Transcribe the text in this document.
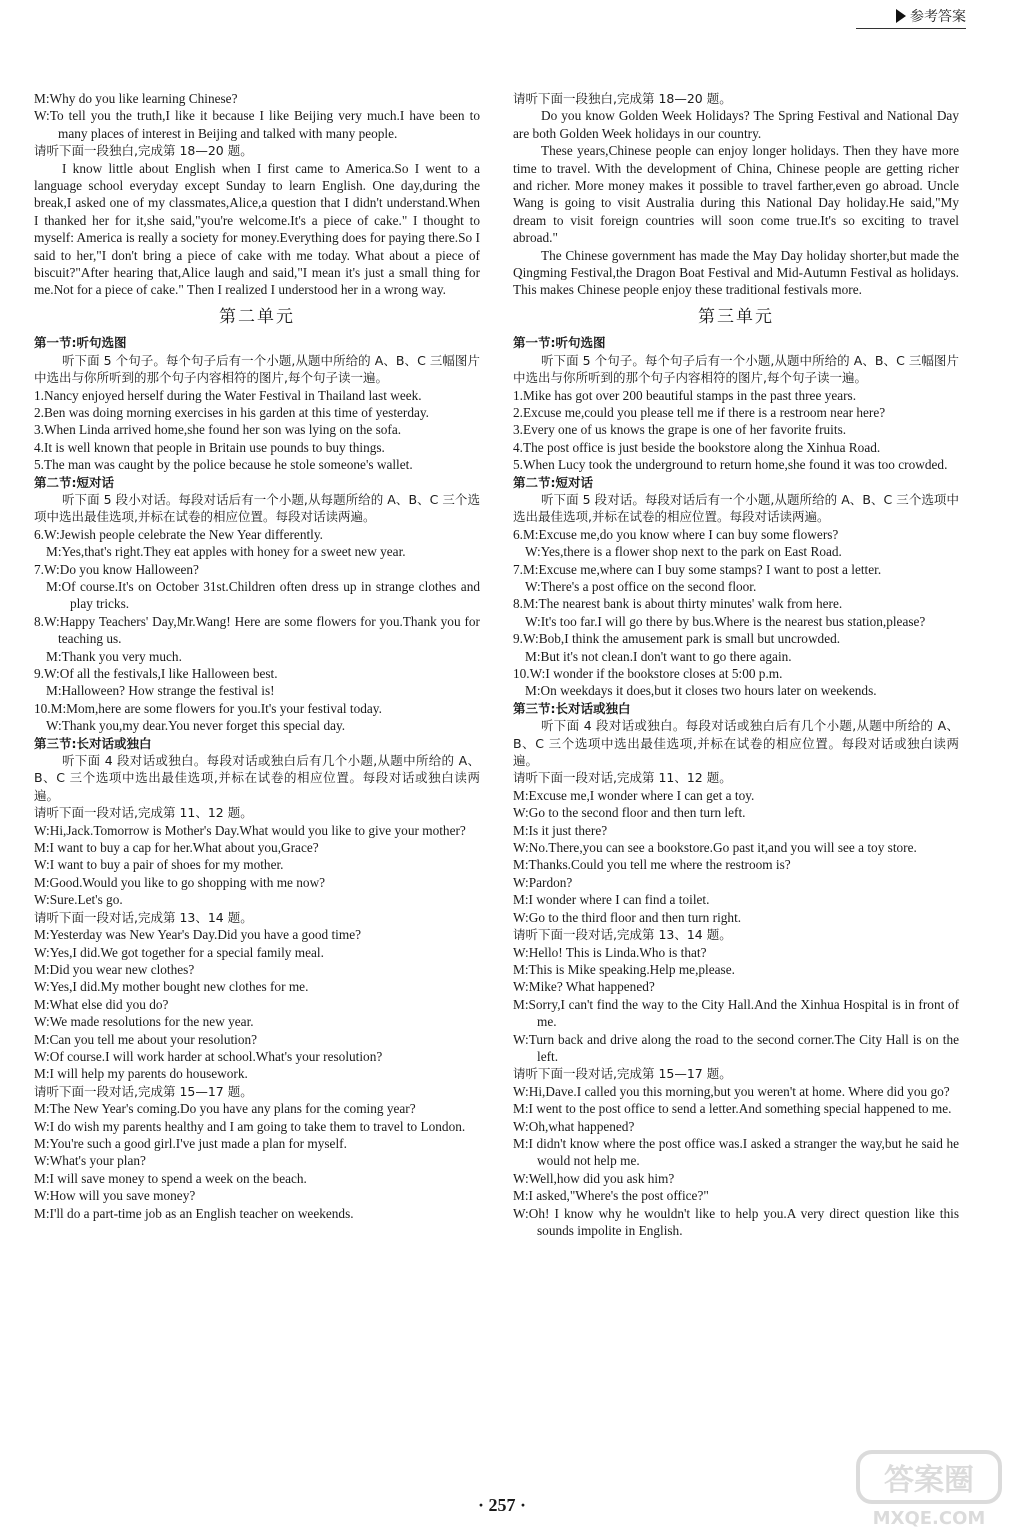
参考答案

M:Why do you like learning Chinese?

W:To tell you the truth,I like it because I like Beijing very much.I have been to many places of interest in Beijing and talked with many people.

请听下面一段独白,完成第 18—20 题。

I know little about English when I first came to America.So I went to a language school everyday except Sunday to learn English. One day,during the break,I asked one of my classmates,Alice,a question that I didn't understand.When I thanked her for it,she said,"you're welcome.It's a piece of cake." I thought to myself: America is really a society for money.Everything does for paying there.So I said to her,"I don't bring a piece of cake with me today. What about a piece of biscuit?"After hearing that,Alice laugh and said,"I mean it's just a small thing for me.Not for a piece of cake." Then I realized I understood her in a wrong way.

第二单元

第一节:听句选图

听下面 5 个句子。每个句子后有一个小题,从题中所给的 A、B、C 三幅图片中选出与你所听到的那个句子内容相符的图片,每个句子读一遍。

1.Nancy enjoyed herself during the Water Festival in Thailand last week.

2.Ben was doing morning exercises in his garden at this time of yesterday.

3.When Linda arrived home,she found her son was lying on the sofa.

4.It is well known that people in Britain use pounds to buy things.

5.The man was caught by the police because he stole someone's wallet.

第二节:短对话

听下面 5 段小对话。每段对话后有一个小题,从每题所给的 A、B、C 三个选项中选出最佳选项,并标在试卷的相应位置。每段对话读两遍。

6.W:Jewish people celebrate the New Year differently.

M:Yes,that's right.They eat apples with honey for a sweet new year.

7.W:Do you know Halloween?

M:Of course.It's on October 31st.Children often dress up in strange clothes and play tricks.

8.W:Happy Teachers' Day,Mr.Wang! Here are some flowers for you.Thank you for teaching us.

M:Thank you very much.

9.W:Of all the festivals,I like Halloween best.

M:Halloween? How strange the festival is!

10.M:Mom,here are some flowers for you.It's your festival today.

W:Thank you,my dear.You never forget this special day.

第三节:长对话或独白

听下面 4 段对话或独白。每段对话或独白后有几个小题,从题中所给的 A、B、C 三个选项中选出最佳选项,并标在试卷的相应位置。每段对话或独白读两遍。

请听下面一段对话,完成第 11、12 题。

W:Hi,Jack.Tomorrow is Mother's Day.What would you like to give your mother?

M:I want to buy a cap for her.What about you,Grace?

W:I want to buy a pair of shoes for my mother.

M:Good.Would you like to go shopping with me now?

W:Sure.Let's go.

请听下面一段对话,完成第 13、14 题。

M:Yesterday was New Year's Day.Did you have a good time?

W:Yes,I did.We got together for a special family meal.

M:Did you wear new clothes?

W:Yes,I did.My mother bought new clothes for me.

M:What else did you do?

W:We made resolutions for the new year.

M:Can you tell me about your resolution?

W:Of course.I will work harder at school.What's your resolution?

M:I will help my parents do housework.

请听下面一段对话,完成第 15—17 题。

M:The New Year's coming.Do you have any plans for the coming year?

W:I do wish my parents healthy and I am going to take them to travel to London.

M:You're such a good girl.I've just made a plan for myself.

W:What's your plan?

M:I will save money to spend a week on the beach.

W:How will you save money?

M:I'll do a part-time job as an English teacher on weekends.

请听下面一段独白,完成第 18—20 题。

Do you know Golden Week Holidays? The Spring Festival and National Day are both Golden Week holidays in our country.

These years,Chinese people can enjoy longer holidays. Then they have more time to travel. With the development of China, Chinese people are getting richer and richer. More money makes it possible to travel farther,even go abroad. Uncle Wang is going to visit Australia during this National Day holiday.He said,"My dream to visit foreign countries will soon come true.It's so exciting to travel abroad."

The Chinese government has made the May Day holiday shorter,but made the Qingming Festival,the Dragon Boat Festival and Mid-Autumn Festival as holidays. This makes Chinese people enjoy these traditional festivals more.

第三单元

第一节:听句选图

听下面 5 个句子。每个句子后有一个小题,从题中所给的 A、B、C 三幅图片中选出与你所听到的那个句子内容相符的图片,每个句子读一遍。

1.Mike has got over 200 beautiful stamps in the past three years.

2.Excuse me,could you please tell me if there is a restroom near here?

3.Every one of us knows the grape is one of her favorite fruits.

4.The post office is just beside the bookstore along the Xinhua Road.

5.When Lucy took the underground to return home,she found it was too crowded.

第二节:短对话

听下面 5 段对话。每段对话后有一个小题,从题所给的 A、B、C 三个选项中选出最佳选项,并标在试卷的相应位置。每段对话读两遍。

6.M:Excuse me,do you know where I can buy some flowers?

W:Yes,there is a flower shop next to the park on East Road.

7.M:Excuse me,where can I buy some stamps? I want to post a letter.

W:There's a post office on the second floor.

8.M:The nearest bank is about thirty minutes' walk from here.

W:It's too far.I will go there by bus.Where is the nearest bus station,please?

9.W:Bob,I think the amusement park is small but uncrowded.

M:But it's not clean.I don't want to go there again.

10.W:I wonder if the bookstore closes at 5:00 p.m.

M:On weekdays it does,but it closes two hours later on weekends.

第三节:长对话或独白

听下面 4 段对话或独白。每段对话或独白后有几个小题,从题中所给的 A、B、C 三个选项中选出最佳选项,并标在试卷的相应位置。每段对话或独白读两遍。

请听下面一段对话,完成第 11、12 题。

M:Excuse me,I wonder where I can get a toy.

W:Go to the second floor and then turn left.

M:Is it just there?

W:No.There,you can see a bookstore.Go past it,and you will see a toy store.

M:Thanks.Could you tell me where the restroom is?

W:Pardon?

M:I wonder where I can find a toilet.

W:Go to the third floor and then turn right.

请听下面一段对话,完成第 13、14 题。

W:Hello! This is Linda.Who is that?

M:This is Mike speaking.Help me,please.

W:Mike? What happened?

M:Sorry,I can't find the way to the City Hall.And the Xinhua Hospital is in front of me.

W:Turn back and drive along the road to the second corner.The City Hall is on the left.

请听下面一段对话,完成第 15—17 题。

W:Hi,Dave.I called you this morning,but you weren't at home. Where did you go?

M:I went to the post office to send a letter.And something special happened to me.

W:Oh,what happened?

M:I didn't know where the post office was.I asked a stranger the way,but he said he would not help me.

W:Well,how did you ask him?

M:I asked,"Where's the post office?"

W:Oh! I know why he wouldn't like to help you.A very direct question like this sounds impolite in English.

· 257 ·
答案圈
MXQE.COM
